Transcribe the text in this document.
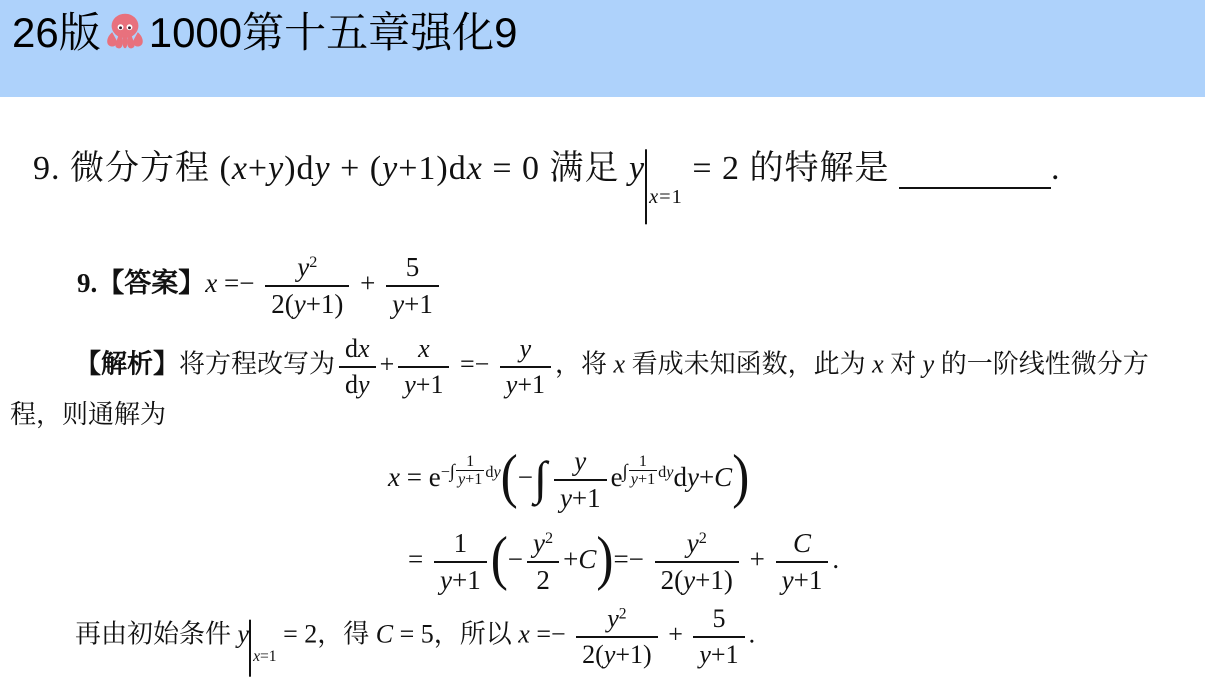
26版 1000第十五章强化9
9. 微分方程 (x+y)dy + (y+1)dx = 0 满足 $y_{x=1} = 2$ 的特解是	.
9.【答案】$x =- \frac{y^2}{2(y+1)} + \frac{5}{y+1}$
【解析】将方程改写为 $\frac{dx}{dy} + \frac{x}{y+1} =- \frac{y}{y+1}$ ，将 x 看成未知函数，此为 x 对 y 的一阶线性微分方
程，则通解为
$x = e^{-\int \frac{1}{y+1} dy}(-\int \frac{y}{y+1} e^{\int \frac{1}{y+1} dy}dy+C)$
= $\frac{1}{y+1}$ (− $\frac{y^2}{2} +C)=- \frac{y^2}{2(y+1)} + \frac{C}{y+1}$ .
再由初始条件 $y_{x=1} = 2$，得 C = 5，所以 $x =- \frac{y^2}{2(y+1)} + \frac{5}{y+1}$ .
